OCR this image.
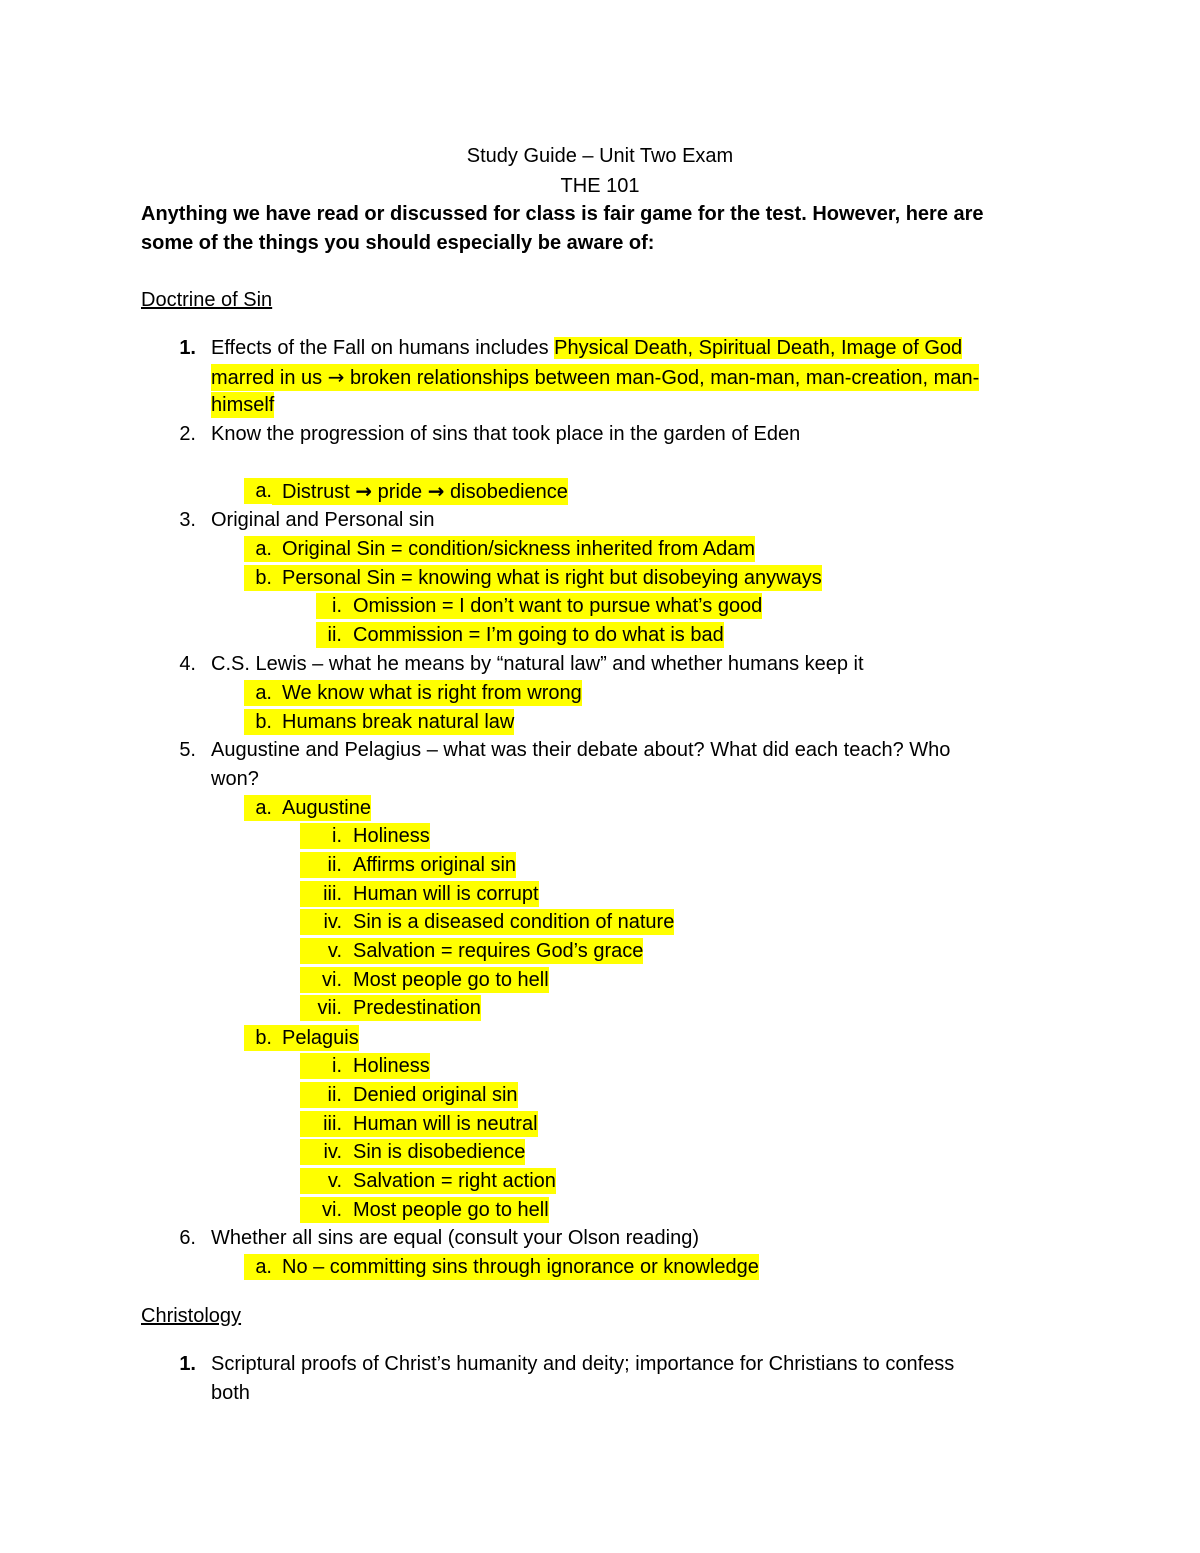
Study Guide – Unit Two Exam
THE 101
Anything we have read or discussed for class is fair game for the test. However, here are
some of the things you should especially be aware of:
Doctrine of Sin
1. Effects of the Fall on humans includes Physical Death, Spiritual Death, Image of God
marred in us → broken relationships between man-God, man-man, man-creation, man-
himself
2. Know the progression of sins that took place in the garden of Eden
a. Distrust → pride → disobedience
3. Original and Personal sin
a. Original Sin = condition/sickness inherited from Adam
b. Personal Sin = knowing what is right but disobeying anyways
i. Omission = I don’t want to pursue what’s good
ii. Commission = I’m going to do what is bad
4. C.S. Lewis – what he means by “natural law” and whether humans keep it
a. We know what is right from wrong
b. Humans break natural law
5. Augustine and Pelagius – what was their debate about? What did each teach? Who
won?
a. Augustine
i. Holiness
ii. Affirms original sin
iii. Human will is corrupt
iv. Sin is a diseased condition of nature
v. Salvation = requires God’s grace
vi. Most people go to hell
vii. Predestination
b. Pelaguis
i. Holiness
ii. Denied original sin
iii. Human will is neutral
iv. Sin is disobedience
v. Salvation = right action
vi. Most people go to hell
6. Whether all sins are equal (consult your Olson reading)
a. No – committing sins through ignorance or knowledge
Christology
1. Scriptural proofs of Christ’s humanity and deity; importance for Christians to confess
both
